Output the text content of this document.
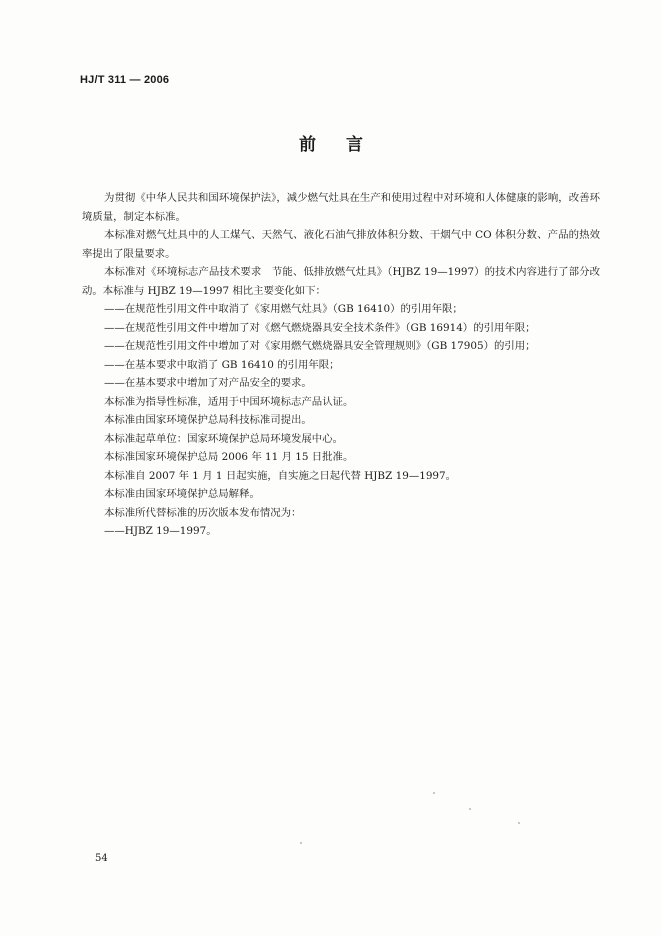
HJ/T 311 — 2006
前言

为贯彻《中华人民共和国环境保护法》，减少燃气灶具在生产和使用过程中对环境和人体健康的影响，改善环境质量，制定本标准。

本标准对燃气灶具中的人工煤气、天然气、液化石油气排放体积分数、干烟气中 CO 体积分数、产品的热效率提出了限量要求。

本标准对《环境标志产品技术要求　节能、低排放燃气灶具》（HJBZ 19—1997）的技术内容进行了部分改动。本标准与 HJBZ 19—1997 相比主要变化如下：

——在规范性引用文件中取消了《家用燃气灶具》（GB 16410）的引用年限；

——在规范性引用文件中增加了对《燃气燃烧器具安全技术条件》（GB 16914）的引用年限；

——在规范性引用文件中增加了对《家用燃气燃烧器具安全管理规则》（GB 17905）的引用；

——在基本要求中取消了 GB 16410 的引用年限；

——在基本要求中增加了对产品安全的要求。

本标准为指导性标准，适用于中国环境标志产品认证。

本标准由国家环境保护总局科技标准司提出。

本标准起草单位：国家环境保护总局环境发展中心。

本标准国家环境保护总局 2006 年 11 月 15 日批准。

本标准自 2007 年 1 月 1 日起实施，自实施之日起代替 HJBZ 19—1997。

本标准由国家环境保护总局解释。

本标准所代替标准的历次版本发布情况为：

——HJBZ 19—1997。

54
